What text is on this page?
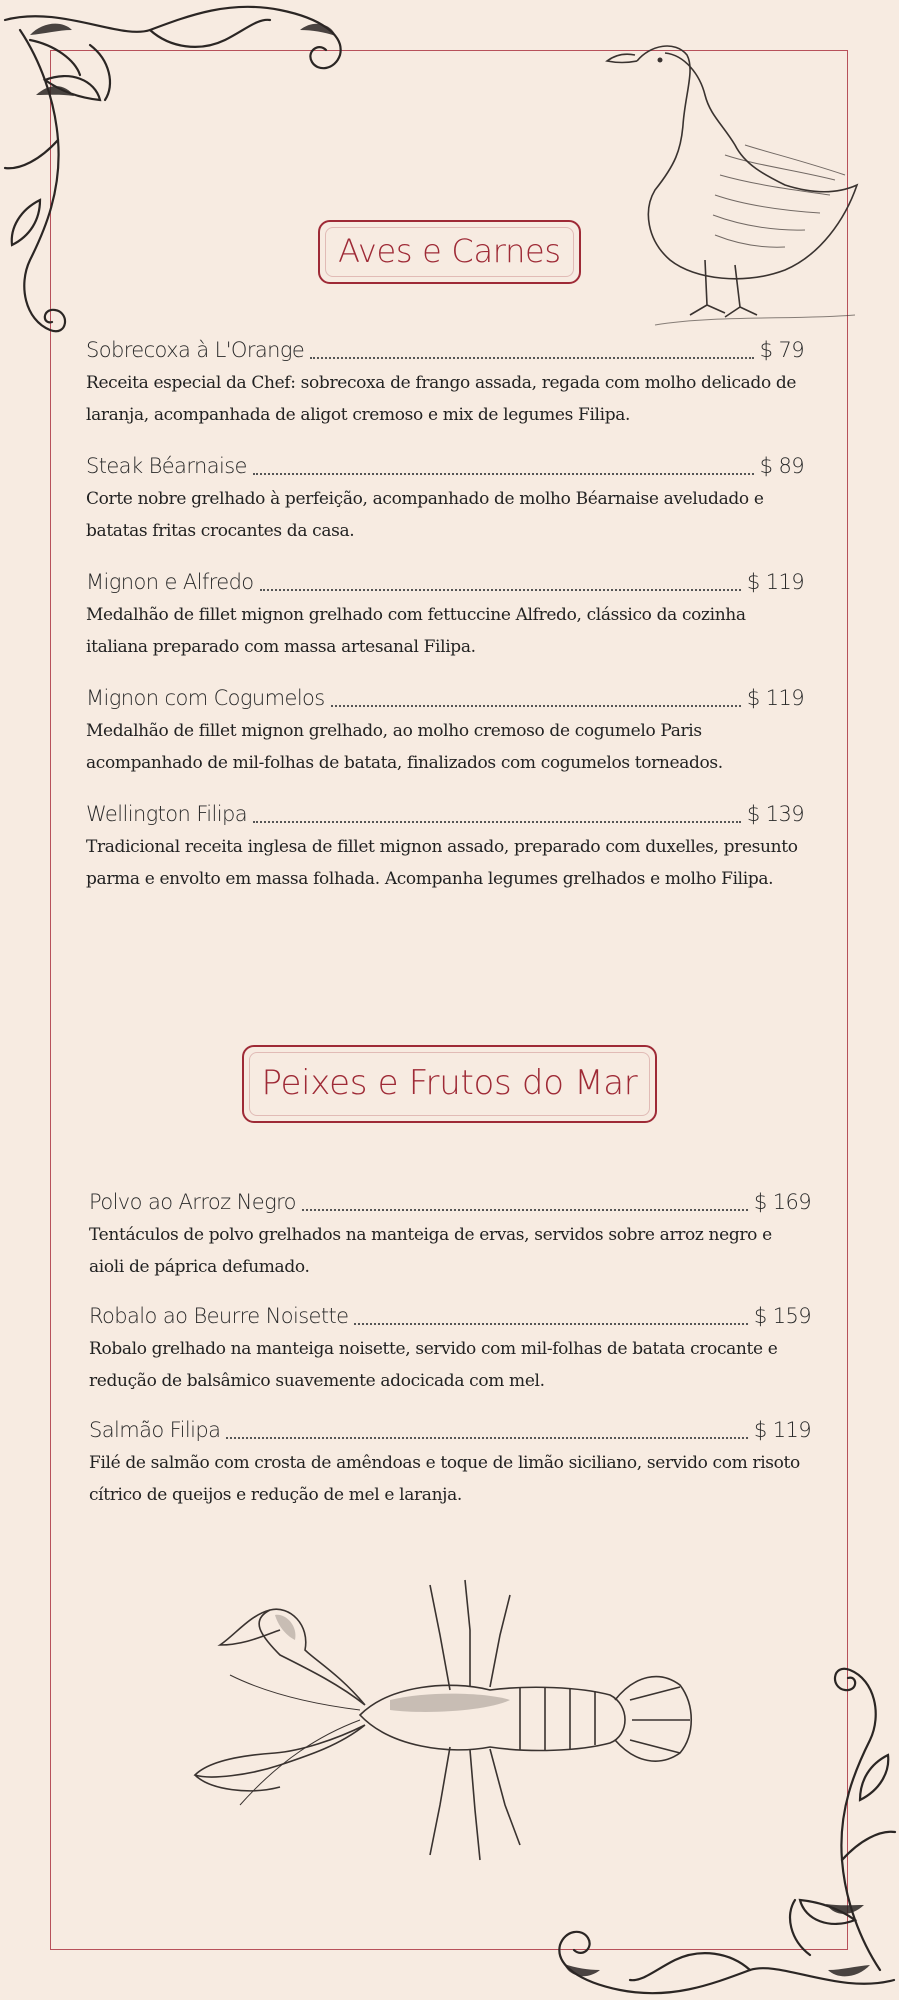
Aves e Carnes
Sobrecoxa à L'Orange	$ 79
Receita especial da Chef: sobrecoxa de frango assada, regada com molho delicado de laranja, acompanhada de aligot cremoso e mix de legumes Filipa.
Steak Béarnaise	$ 89
Corte nobre grelhado à perfeição, acompanhado de molho Béarnaise aveludado e batatas fritas crocantes da casa.
Mignon e Alfredo	$ 119
Medalhão de fillet mignon grelhado com fettuccine Alfredo, clássico da cozinha italiana preparado com massa artesanal Filipa.
Mignon com Cogumelos	$ 119
Medalhão de fillet mignon grelhado, ao molho cremoso de cogumelo Paris acompanhado de mil-folhas de batata, finalizados com cogumelos torneados.
Wellington Filipa	$ 139
Tradicional receita inglesa de fillet mignon assado, preparado com duxelles, presunto parma e envolto em massa folhada. Acompanha legumes grelhados e molho Filipa.
Peixes e Frutos do Mar
Polvo ao Arroz Negro	$ 169
Tentáculos de polvo grelhados na manteiga de ervas, servidos sobre arroz negro e aioli de páprica defumado.
Robalo ao Beurre Noisette	$ 159
Robalo grelhado na manteiga noisette, servido com mil-folhas de batata crocante e redução de balsâmico suavemente adocicada com mel.
Salmão Filipa	$ 119
Filé de salmão com crosta de amêndoas e toque de limão siciliano, servido com risoto cítrico de queijos e redução de mel e laranja.
